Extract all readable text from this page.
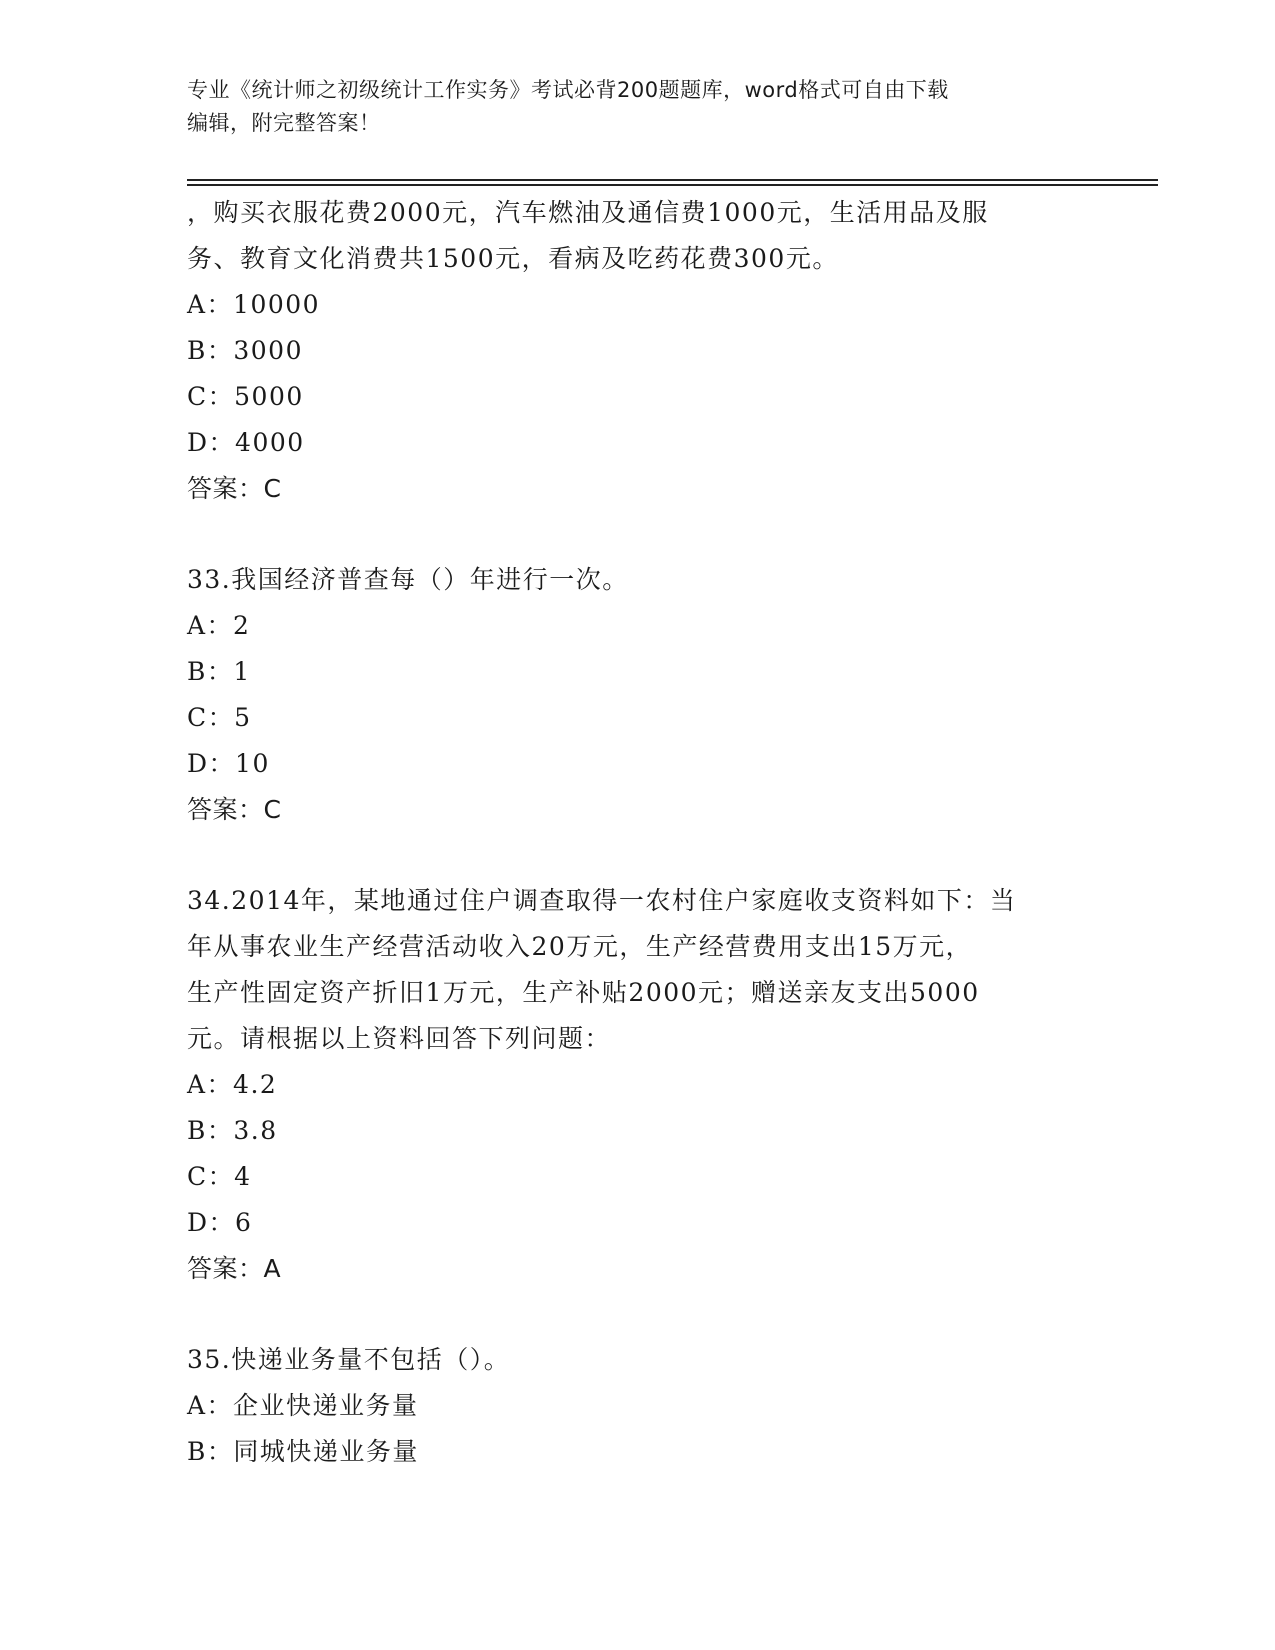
专业《统计师之初级统计工作实务》考试必背200题题库，word格式可自由下载
编辑，附完整答案！
，购买衣服花费2000元，汽车燃油及通信费1000元，生活用品及服
务、教育文化消费共1500元，看病及吃药花费300元。
A：10000
B：3000
C：5000
D：4000
答案：C
33.我国经济普查每（）年进行一次。
A：2
B：1
C：5
D：10
答案：C
34.2014年，某地通过住户调查取得一农村住户家庭收支资料如下：当
年从事农业生产经营活动收入20万元，生产经营费用支出15万元，
生产性固定资产折旧1万元，生产补贴2000元；赠送亲友支出5000
元。请根据以上资料回答下列问题：
A：4.2
B：3.8
C：4
D：6
答案：A
35.快递业务量不包括（）。
A：企业快递业务量
B：同城快递业务量
